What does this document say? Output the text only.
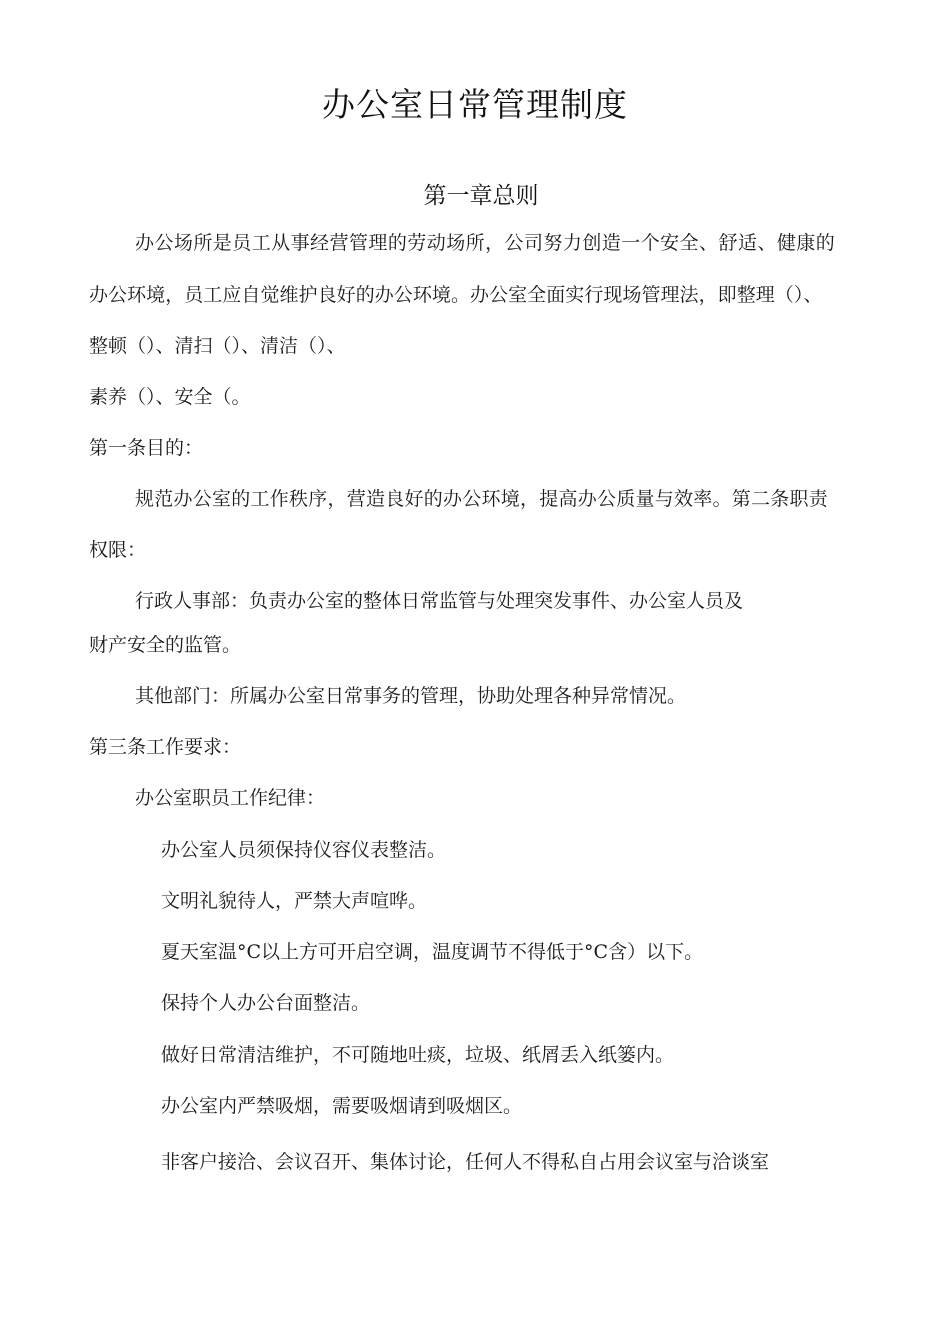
办公室日常管理制度
第一章总则
办公场所是员工从事经营管理的劳动场所，公司努力创造一个安全、舒适、健康的
办公环境，员工应自觉维护良好的办公环境。办公室全面实行现场管理法，即整理（）、
整顿（）、清扫（）、清洁（）、
素养（）、安全（。
第一条目的：
规范办公室的工作秩序，营造良好的办公环境，提高办公质量与效率。第二条职责
权限：
行政人事部：负责办公室的整体日常监管与处理突发事件、办公室人员及
财产安全的监管。
其他部门：所属办公室日常事务的管理，协助处理各种异常情况。
第三条工作要求：
办公室职员工作纪律：
办公室人员须保持仪容仪表整洁。
文明礼貌待人，严禁大声喧哗。
夏天室温°C以上方可开启空调，温度调节不得低于°C含）以下。
保持个人办公台面整洁。
做好日常清洁维护，不可随地吐痰，垃圾、纸屑丢入纸篓内。
办公室内严禁吸烟，需要吸烟请到吸烟区。
非客户接洽、会议召开、集体讨论，任何人不得私自占用会议室与洽谈室
